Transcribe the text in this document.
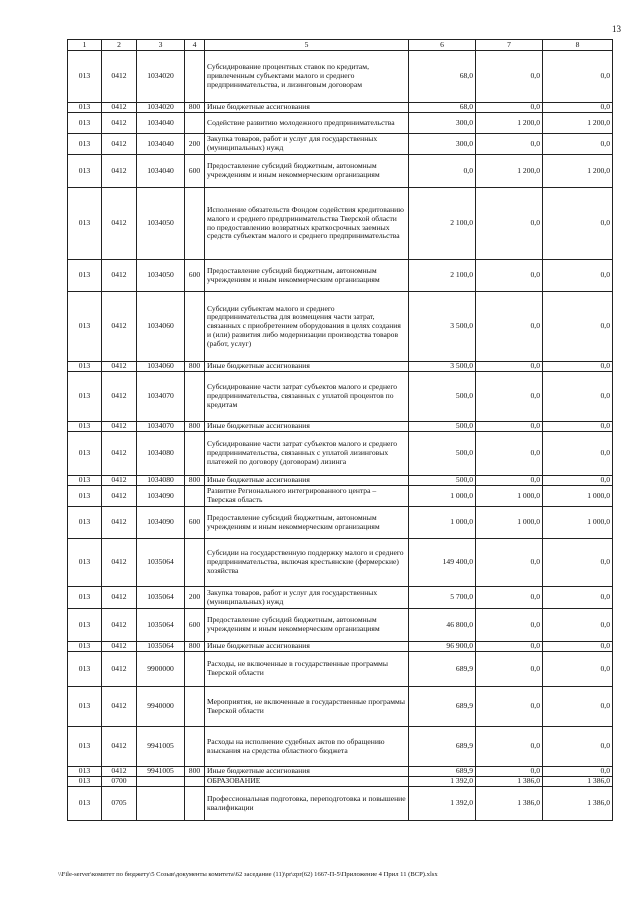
13
1	2	3	4	5	6	7	8
013	0412	1034020		Субсидирование процентных ставок по кредитам, привлеченным субъектами малого и среднего предпринимательства, и лизинговым договорам	68,0	0,0	0,0
013	0412	1034020	800	Иные бюджетные ассигнования	68,0	0,0	0,0
013	0412	1034040		Содействие развитию молодежного предпринимательства	300,0	1 200,0	1 200,0
013	0412	1034040	200	Закупка товаров, работ и услуг для государственных (муниципальных) нужд	300,0	0,0	0,0
013	0412	1034040	600	Предоставление субсидий бюджетным, автономным учреждениям и иным некоммерческим организациям	0,0	1 200,0	1 200,0
013	0412	1034050		Исполнение обязательств Фондом содействия кредитованию малого и среднего предпринимательства Тверской области по предоставлению возвратных краткосрочных заемных средств субъектам малого и среднего предпринимательства	2 100,0	0,0	0,0
013	0412	1034050	600	Предоставление субсидий бюджетным, автономным учреждениям и иным некоммерческим организациям	2 100,0	0,0	0,0
013	0412	1034060		Субсидии субъектам малого и среднего предпринимательства для возмещения части затрат, связанных с приобретением оборудования в целях создания и (или) развития либо модернизации производства товаров (работ, услуг)	3 500,0	0,0	0,0
013	0412	1034060	800	Иные бюджетные ассигнования	3 500,0	0,0	0,0
013	0412	1034070		Субсидирование части затрат субъектов малого и среднего предпринимательства, связанных с уплатой процентов по кредитам	500,0	0,0	0,0
013	0412	1034070	800	Иные бюджетные ассигнования	500,0	0,0	0,0
013	0412	1034080		Субсидирование части затрат субъектов малого и среднего предпринимательства, связанных с уплатой лизинговых платежей по договору (договорам) лизинга	500,0	0,0	0,0
013	0412	1034080	800	Иные бюджетные ассигнования	500,0	0,0	0,0
013	0412	1034090		Развитие Регионального интегрированного центра – Тверская область	1 000,0	1 000,0	1 000,0
013	0412	1034090	600	Предоставление субсидий бюджетным, автономным учреждениям и иным некоммерческим организациям	1 000,0	1 000,0	1 000,0
013	0412	1035064		Субсидии на государственную поддержку малого и среднего предпринимательства, включая крестьянские (фермерские) хозяйства	149 400,0	0,0	0,0
013	0412	1035064	200	Закупка товаров, работ и услуг для государственных (муниципальных) нужд	5 700,0	0,0	0,0
013	0412	1035064	600	Предоставление субсидий бюджетным, автономным учреждениям и иным некоммерческим организациям	46 800,0	0,0	0,0
013	0412	1035064	800	Иные бюджетные ассигнования	96 900,0	0,0	0,0
013	0412	9900000		Расходы, не включенные в государственные программы Тверской области	689,9	0,0	0,0
013	0412	9940000		Мероприятия, не включенные в государственные программы Тверской области	689,9	0,0	0,0
013	0412	9941005		Расходы на исполнение судебных актов по обращению взыскания на средства областного бюджета	689,9	0,0	0,0
013	0412	9941005	800	Иные бюджетные ассигнования	689,9	0,0	0,0
013	0700			ОБРАЗОВАНИЕ	1 392,0	1 386,0	1 386,0
013	0705			Профессиональная подготовка, переподготовка и повышение квалификации	1 392,0	1 386,0	1 386,0
\\File-server\комитет по бюджету\5 Созыв\документы комитета\62 заседание (11)\pr\zpr(62) 1667-П-5\Приложение 4 Прил 11 (ВСР).xlsx
